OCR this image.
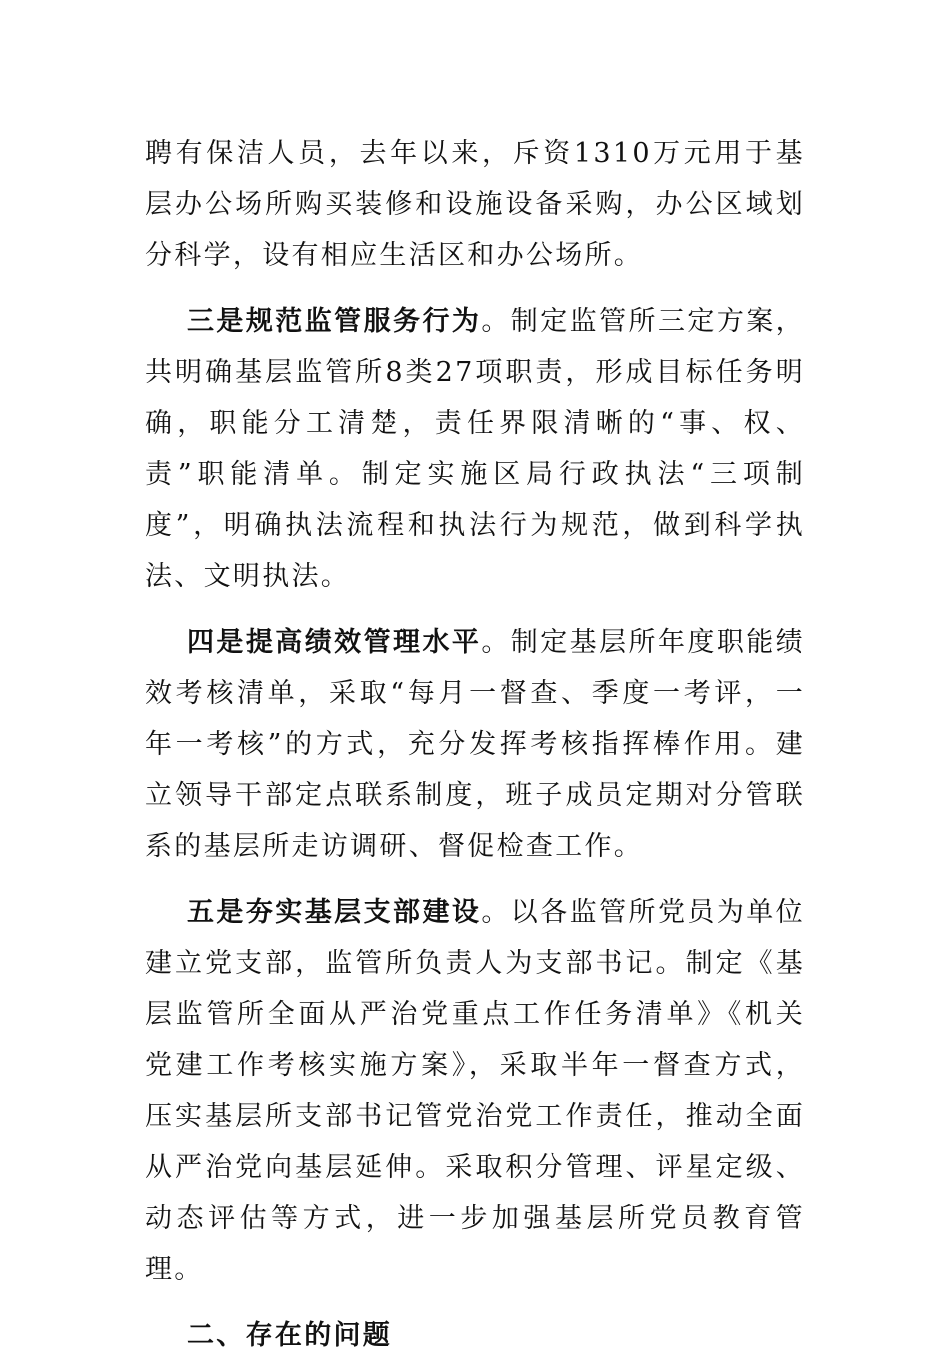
聘有保洁人员，去年以来，斥资1310万元用于基层办公场所购买装修和设施设备采购，办公区域划分科学，设有相应生活区和办公场所。

三是规范监管服务行为。制定监管所三定方案，共明确基层监管所8类27项职责，形成目标任务明确，职能分工清楚，责任界限清晰的“事、权、责”职能清单。制定实施区局行政执法“三项制度”，明确执法流程和执法行为规范，做到科学执法、文明执法。

四是提高绩效管理水平。制定基层所年度职能绩效考核清单，采取“每月一督查、季度一考评，一年一考核”的方式，充分发挥考核指挥棒作用。建立领导干部定点联系制度，班子成员定期对分管联系的基层所走访调研、督促检查工作。

五是夯实基层支部建设。以各监管所党员为单位建立党支部，监管所负责人为支部书记。制定《基层监管所全面从严治党重点工作任务清单》《机关党建工作考核实施方案》，采取半年一督查方式，压实基层所支部书记管党治党工作责任，推动全面从严治党向基层延伸。采取积分管理、评星定级、动态评估等方式，进一步加强基层所党员教育管理。

二、存在的问题
